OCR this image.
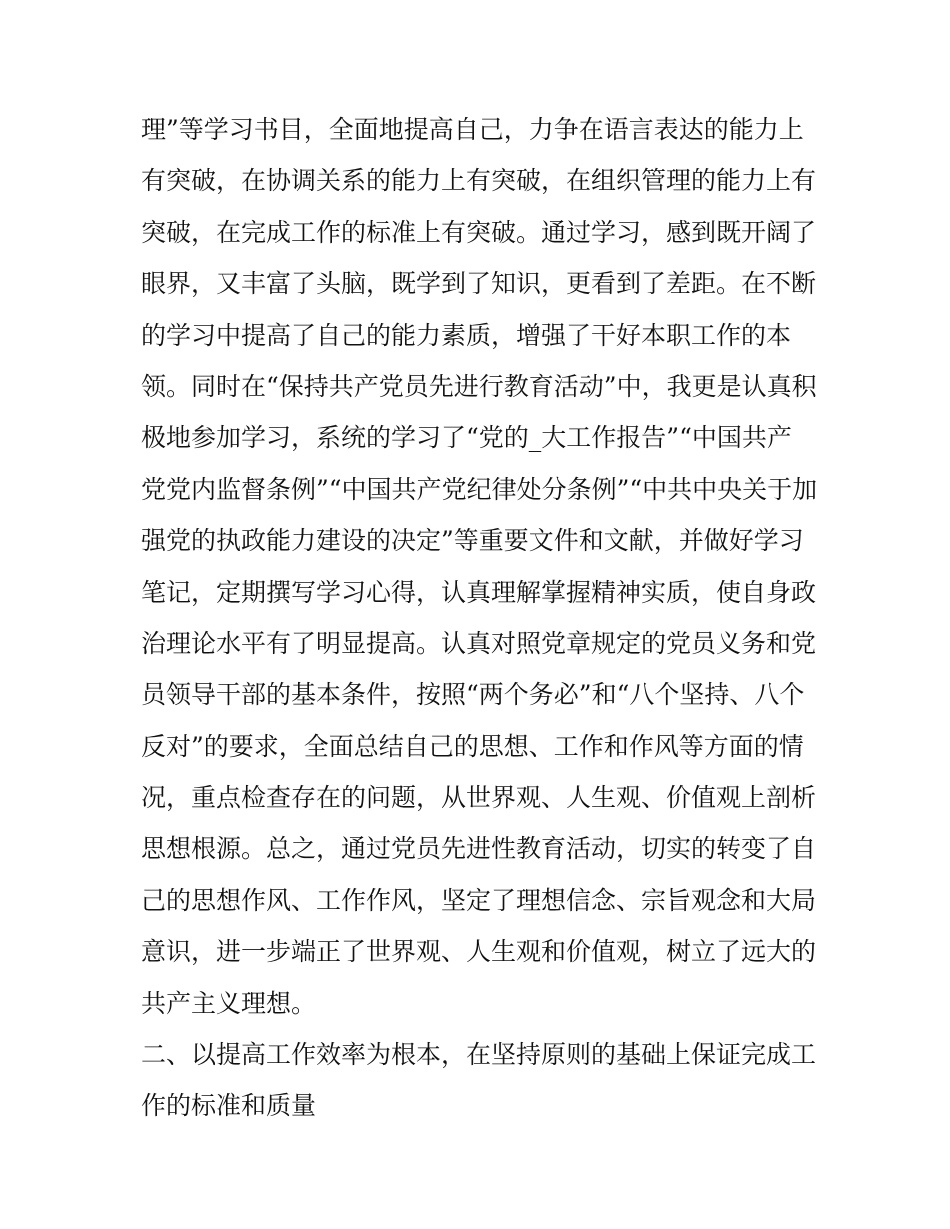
理”等学习书目，全面地提高自己，力争在语言表达的能力上
有突破，在协调关系的能力上有突破，在组织管理的能力上有
突破，在完成工作的标准上有突破。通过学习，感到既开阔了
眼界，又丰富了头脑，既学到了知识，更看到了差距。在不断
的学习中提高了自己的能力素质，增强了干好本职工作的本
领。同时在“保持共产党员先进行教育活动”中，我更是认真积
极地参加学习，系统的学习了“党的_大工作报告”“中国共产
党党内监督条例”“中国共产党纪律处分条例”“中共中央关于加
强党的执政能力建设的决定”等重要文件和文献，并做好学习
笔记，定期撰写学习心得，认真理解掌握精神实质，使自身政
治理论水平有了明显提高。认真对照党章规定的党员义务和党
员领导干部的基本条件，按照“两个务必”和“八个坚持、八个
反对”的要求，全面总结自己的思想、工作和作风等方面的情
况，重点检查存在的问题，从世界观、人生观、价值观上剖析
思想根源。总之，通过党员先进性教育活动，切实的转变了自
己的思想作风、工作作风，坚定了理想信念、宗旨观念和大局
意识，进一步端正了世界观、人生观和价值观，树立了远大的
共产主义理想。
二、以提高工作效率为根本，在坚持原则的基础上保证完成工
作的标准和质量
